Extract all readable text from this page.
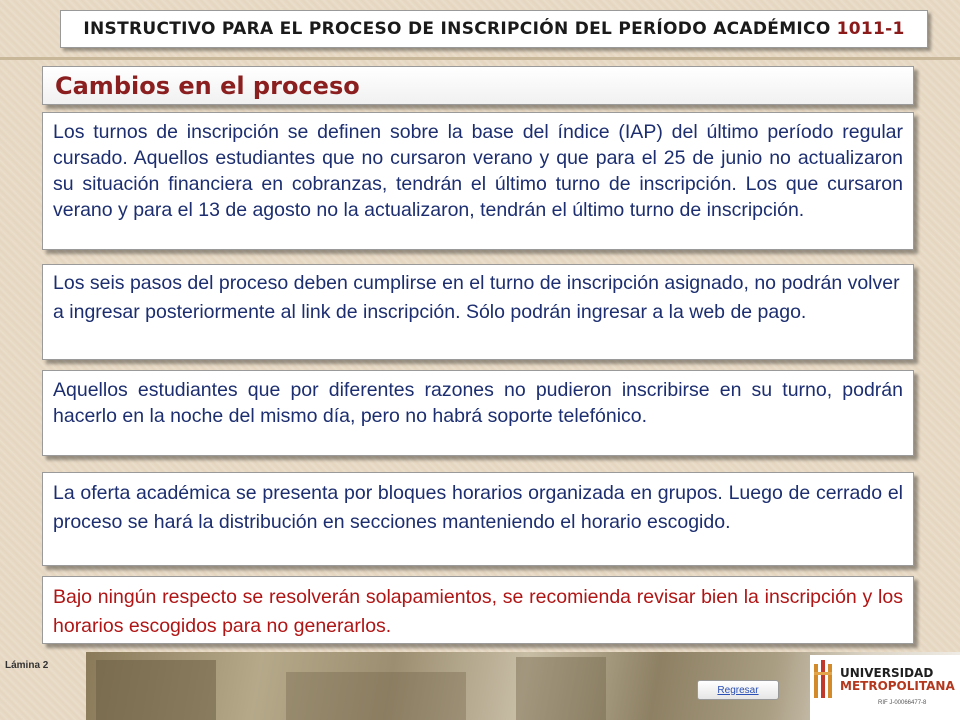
INSTRUCTIVO PARA EL PROCESO DE INSCRIPCIÓN DEL PERÍODO ACADÉMICO 1011-1
Cambios en el proceso
Los turnos de inscripción se definen sobre la base del índice (IAP) del último período regular cursado. Aquellos estudiantes que no cursaron verano y que para el 25 de junio no actualizaron su situación financiera en cobranzas, tendrán el último turno de inscripción. Los que cursaron verano y para el 13 de agosto no la actualizaron, tendrán el último turno de inscripción.
Los seis pasos del proceso deben cumplirse en el turno de inscripción asignado, no podrán volver a ingresar posteriormente al link de inscripción. Sólo podrán ingresar a la web de pago.
Aquellos estudiantes que por diferentes razones no pudieron inscribirse en su turno, podrán hacerlo en la noche del mismo día, pero no habrá soporte telefónico.
La oferta académica se presenta por bloques horarios organizada en grupos. Luego de cerrado el proceso se hará la distribución en secciones manteniendo el horario escogido.
Bajo ningún respecto se resolverán solapamientos, se recomienda revisar bien la inscripción y los horarios escogidos para no generarlos.
Lámina 2
Regresar
UNIVERSIDAD
METROPOLITANA
RIF J-00066477-8
